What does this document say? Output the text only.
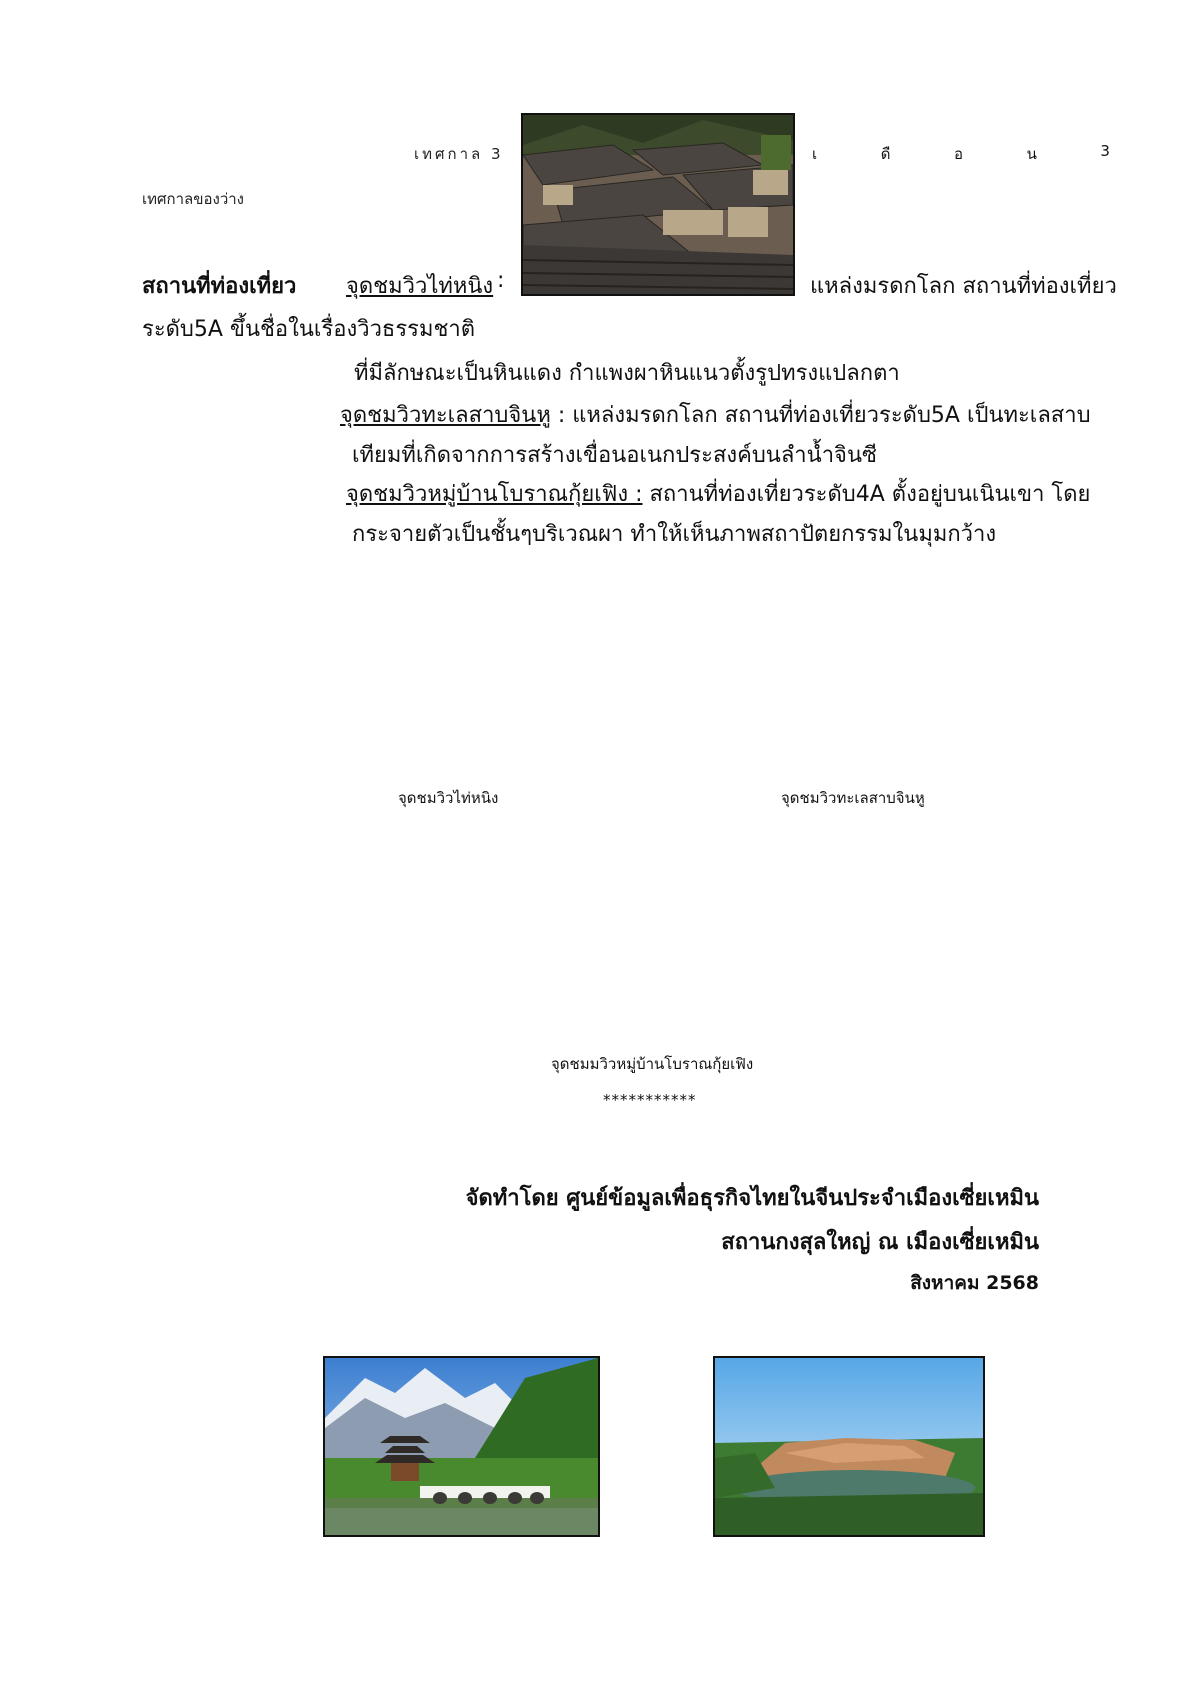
เทศกาล 3	เ	ดื	อ	น	3
เทศกาลของว่าง
สถานที่ท่องเที่ยว จุดชมวิวไท่หนิง :	แหล่งมรดกโลก สถานที่ท่องเที่ยว
ระดับ5A ขึ้นชื่อในเรื่องวิวธรรมชาติ
ที่มีลักษณะเป็นหินแดง กำแพงผาหินแนวตั้งรูปทรงแปลกตา
จุดชมวิวทะเลสาบจินหู : แหล่งมรดกโลก สถานที่ท่องเที่ยวระดับ5A เป็นทะเลสาบ
เทียมที่เกิดจากการสร้างเขื่อนอเนกประสงค์บนลำน้ำจินซี
จุดชมวิวหมู่บ้านโบราณกุ้ยเฟิง : สถานที่ท่องเที่ยวระดับ4A ตั้งอยู่บนเนินเขา โดย
กระจายตัวเป็นชั้นๆบริเวณผา ทำให้เห็นภาพสถาปัตยกรรมในมุมกว้าง
จุดชมวิวไท่หนิง	จุดชมวิวทะเลสาบจินหู
จุดชมมวิวหมู่บ้านโบราณกุ้ยเฟิง
***********
จัดทำโดย ศูนย์ข้อมูลเพื่อธุรกิจไทยในจีนประจำเมืองเซี่ยเหมิน
สถานกงสุลใหญ่ ณ เมืองเซี่ยเหมิน
สิงหาคม 2568
